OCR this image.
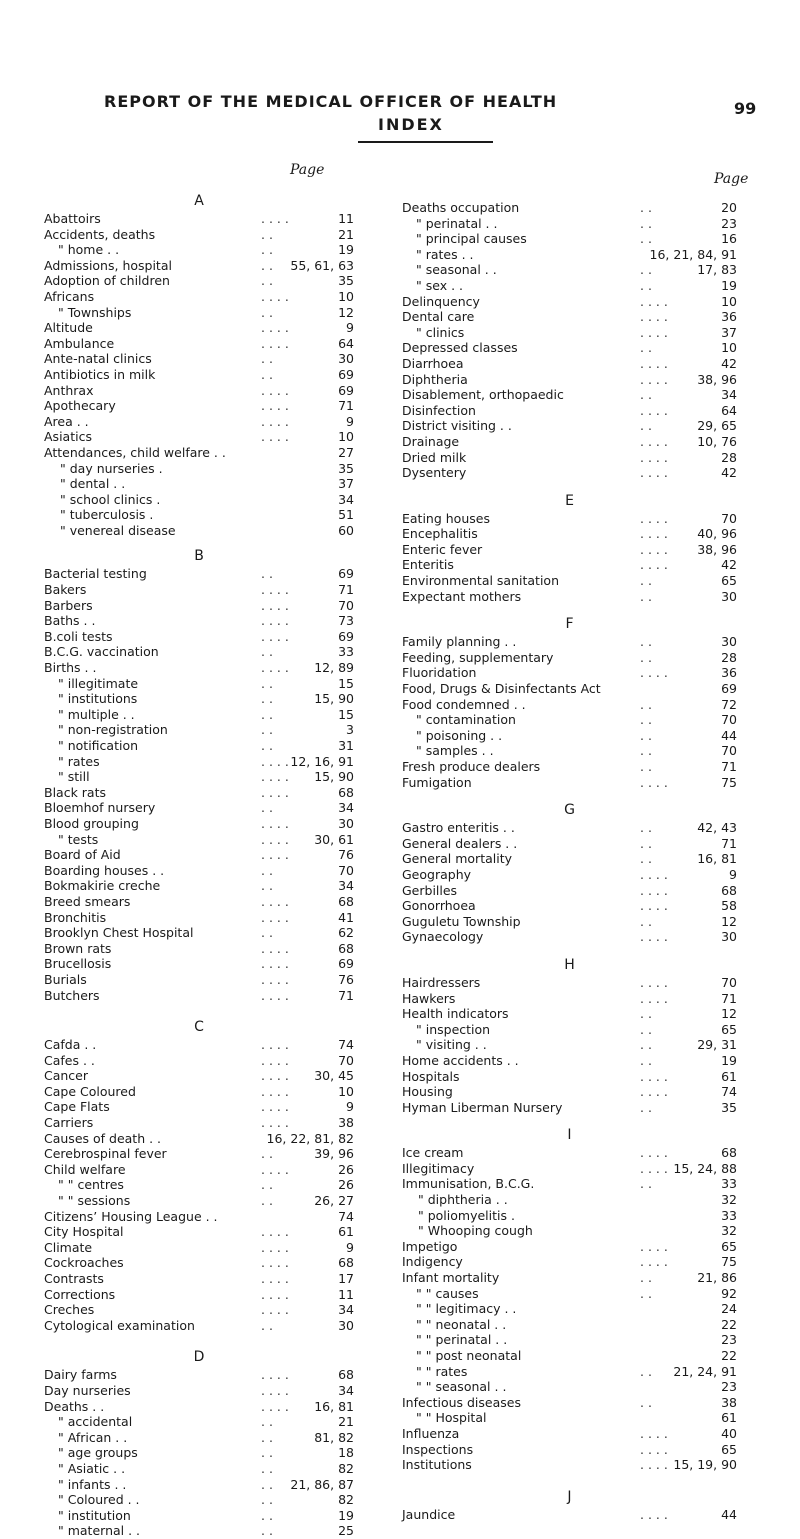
REPORT OF THE MEDICAL OFFICER OF HEALTH	99
INDEX
Page
Page
A
Abattoirs	. . . .	11
Accidents, deaths	. .	21
" home . .	. .	19
Admissions, hospital	. . 55, 61, 63
Adoption of children	. .	35
Africans	. . . .	10
" Townships	. .	12
Altitude	. . . .	9
Ambulance	. . . .	64
Ante-natal clinics	. .	30
Antibiotics in milk	. .	69
Anthrax	. . . .	69
Apothecary	. . . .	71
Area . .	. . . .	9
Asiatics	. . . .	10
Attendances, child welfare . .	27
" day nurseries .	35
" dental . .	37
" school clinics .	34
" tuberculosis .	51
" venereal disease	60
B
Bacterial testing	. .	69
Bakers	. . . .	71
Barbers	. . . .	70
Baths . .	. . . .	73
B.coli tests	. . . .	69
B.C.G. vaccination	. .	33
Births . .	. . . . 12, 89
" illegitimate	. .	15
" institutions	. .	15, 90
" multiple . .	. .	15
" non-registration	. .	3
" notification	. .	31
" rates	. . . . 12, 16, 91
" still	. . . . 15, 90
Black rats	. . . .	68
Bloemhof nursery	. .	34
Blood grouping	. . . .	30
" tests	. . . . 30, 61
Board of Aid	. . . .	76
Boarding houses . .	. .	70
Bokmakirie creche	. .	34
Breed smears	. . . .	68
Bronchitis	. . . .	41
Brooklyn Chest Hospital	. .	62
Brown rats	. . . .	68
Brucellosis	. . . .	69
Burials	. . . .	76
Butchers	. . . .	71
C
Cafda . .	. . . .	74
Cafes . .	. . . .	70
Cancer	. . . . 30, 45
Cape Coloured	. . . .	10
Cape Flats	. . . .	9
Carriers	. . . .	38
Causes of death . .	16, 22, 81, 82
Cerebrospinal fever	. .	39, 96
Child welfare	. . . .	26
" " centres	. .	26
" " sessions	. .	26, 27
Citizens’ Housing League . .	74
City Hospital	. . . .	61
Climate	. . . .	9
Cockroaches	. . . .	68
Contrasts	. . . .	17
Corrections	. . . .	11
Creches	. . . .	34
Cytological examination	. .	30
D
Dairy farms	. . . .	68
Day nurseries	. . . .	34
Deaths . .	. . . . 16, 81
" accidental	. .	21
" African . .	. .	81, 82
" age groups	. .	18
" Asiatic . .	. .	82
" infants . .	. . 21, 86, 87
" Coloured . .	. .	82
" institution	. .	19
" maternal . .	. .	25
Deaths occupation	. .	20
" perinatal . .	. .	23
" principal causes	. .	16
" rates . .	16, 21, 84, 91
" seasonal . .	. .	17, 83
" sex . .	. .	19
Delinquency	. . . .	10
Dental care	. . . .	36
" clinics	. . . .	37
Depressed classes	. .	10
Diarrhoea	. . . .	42
Diphtheria	. . . . 38, 96
Disablement, orthopaedic	. .	34
Disinfection	. . . .	64
District visiting . .	. .	29, 65
Drainage	. . . . 10, 76
Dried milk	. . . .	28
Dysentery	. . . .	42
E
Eating houses	. . . .	70
Encephalitis	. . . . 40, 96
Enteric fever	. . . . 38, 96
Enteritis	. . . .	42
Environmental sanitation	. .	65
Expectant mothers	. .	30
F
Family planning . .	. .	30
Feeding, supplementary	. .	28
Fluoridation	. . . .	36
Food, Drugs & Disinfectants Act	69
Food condemned . .	. .	72
" contamination	. .	70
" poisoning . .	. .	44
" samples . .	. .	70
Fresh produce dealers	. .	71
Fumigation	. . . .	75
G
Gastro enteritis . .	. .	42, 43
General dealers . .	. .	71
General mortality	. .	16, 81
Geography	. . . .	9
Gerbilles	. . . .	68
Gonorrhoea	. . . .	58
Guguletu Township	. .	12
Gynaecology	. . . .	30
H
Hairdressers	. . . .	70
Hawkers	. . . .	71
Health indicators	. .	12
" inspection	. .	65
" visiting . .	. .	29, 31
Home accidents . .	. .	19
Hospitals	. . . .	61
Housing	. . . .	74
Hyman Liberman Nursery	. .	35
I
Ice cream	. . . .	68
Illegitimacy	. . . . 15, 24, 88
Immunisation, B.C.G.	. .	33
" diphtheria . .	32
" poliomyelitis .	33
" Whooping cough	32
Impetigo	. . . .	65
Indigency	. . . .	75
Infant mortality	. .	21, 86
" " causes	. .	92
" " legitimacy . .	24
" " neonatal . .	22
" " perinatal . .	23
" " post neonatal	22
" " rates	. . 21, 24, 91
" " seasonal . .	23
Infectious diseases	. .	38
" " Hospital	61
Influenza	. . . .	40
Inspections	. . . .	65
Institutions	. . . . 15, 19, 90
J
Jaundice	. . . .	44
